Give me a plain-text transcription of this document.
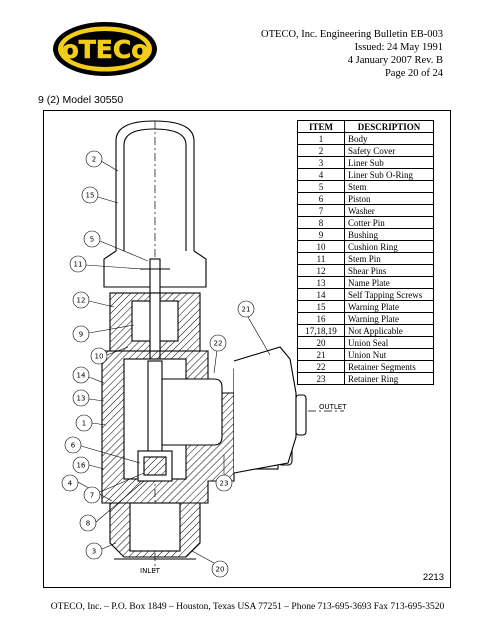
oTECo
OTECO, Inc. Engineering Bulletin EB-003
Issued: 24 May 1991
4 January 2007 Rev. B
Page 20 of 24
9 (2) Model 30550
2
15
5
11
12
9
10
14
13
1
6
16
4
7
8
3
21
22
23
20
OUTLET
INLET
ITEM	DESCRIPTION
1	Body
2	Safety Cover
3	Liner Sub
4	Liner Sub O-Ring
5	Stem
6	Piston
7	Washer
8	Cotter Pin
9	Bushing
10	Cushion Ring
11	Stem Pin
12	Shear Pins
13	Name Plate
14	Self Tapping Screws
15	Warning Plate
16	Warning Plate
17,18,19	Not Applicable
20	Union Seal
21	Union Nut
22	Retainer Segments
23	Retainer Ring
2213
OTECO, Inc. – P.O. Box 1849 – Houston, Texas USA 77251 – Phone 713-695-3693 Fax 713-695-3520
